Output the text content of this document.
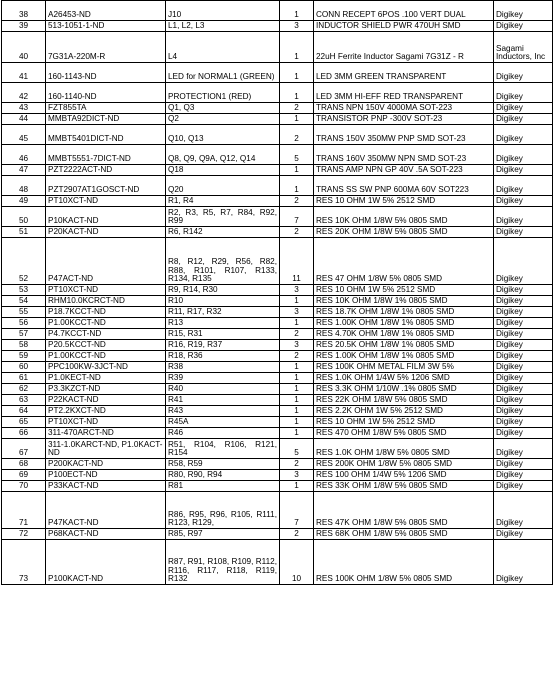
38	A26453-ND	J10	1	CONN RECEPT 6POS .100 VERT DUAL	Digikey
39	513-1051-1-ND	L1, L2, L3	3	INDUCTOR SHIELD PWR 470UH SMD	Digikey
40	7G31A-220M-R	L4	1	22uH Ferrite Inductor Sagami 7G31Z - R	Sagami Inductors, Inc
41	160-1143-ND	LED for NORMAL1 (GREEN)	1	LED 3MM GREEN TRANSPARENT	Digikey
42	160-1140-ND	PROTECTION1 (RED)	1	LED 3MM HI-EFF RED TRANSPARENT	Digikey
43	FZT855TA	Q1, Q3	2	TRANS NPN 150V 4000MA SOT-223	Digikey
44	MMBTA92DICT-ND	Q2	1	TRANSISTOR PNP -300V SOT-23	Digikey
45	MMBT5401DICT-ND	Q10, Q13	2	TRANS 150V 350MW PNP SMD SOT-23	Digikey
46	MMBT5551-7DICT-ND	Q8, Q9, Q9A, Q12, Q14	5	TRANS 160V 350MW NPN SMD SOT-23	Digikey
47	PZT2222ACT-ND	Q18	1	TRANS AMP NPN GP 40V .5A SOT-223	Digikey
48	PZT2907AT1GOSCT-ND	Q20	1	TRANS SS SW PNP 600MA 60V SOT223	Digikey
49	PT10XCT-ND	R1, R4	2	RES 10 OHM 1W 5% 2512 SMD	Digikey
50	P10KACT-ND	R2, R3, R5, R7, R84, R92, R99	7	RES 10K OHM 1/8W 5% 0805 SMD	Digikey
51	P20KACT-ND	R6, R142	2	RES 20K OHM 1/8W 5% 0805 SMD	Digikey
52	P47ACT-ND	R8, R12, R29, R56, R82, R88, R101, R107, R133, R134, R135	11	RES 47 OHM 1/8W 5% 0805 SMD	Digikey
53	PT10XCT-ND	R9, R14, R30	3	RES 10 OHM 1W 5% 2512 SMD	Digikey
54	RHM10.0KCRCT-ND	R10	1	RES 10K OHM 1/8W 1% 0805 SMD	Digikey
55	P18.7KCCT-ND	R11, R17, R32	3	RES 18.7K OHM 1/8W 1% 0805 SMD	Digikey
56	P1.00KCCT-ND	R13	1	RES 1.00K OHM 1/8W 1% 0805 SMD	Digikey
57	P4.7KCCT-ND	R15, R31	2	RES 4.70K OHM 1/8W 1% 0805 SMD	Digikey
58	P20.5KCCT-ND	R16, R19, R37	3	RES 20.5K OHM 1/8W 1% 0805 SMD	Digikey
59	P1.00KCCT-ND	R18, R36	2	RES 1.00K OHM 1/8W 1% 0805 SMD	Digikey
60	PPC100KW-3JCT-ND	R38	1	RES 100K OHM METAL FILM 3W 5%	Digikey
61	P1.0KECT-ND	R39	1	RES 1.0K OHM 1/4W 5% 1206 SMD	Digikey
62	P3.3KZCT-ND	R40	1	RES 3.3K OHM 1/10W .1% 0805 SMD	Digikey
63	P22KACT-ND	R41	1	RES 22K OHM 1/8W 5% 0805 SMD	Digikey
64	PT2.2KXCT-ND	R43	1	RES 2.2K OHM 1W 5% 2512 SMD	Digikey
65	PT10XCT-ND	R45A	1	RES 10 OHM 1W 5% 2512 SMD	Digikey
66	311-470ARCT-ND	R46	1	RES 470 OHM 1/8W 5% 0805 SMD	Digikey
67	311-1.0KARCT-ND, P1.0KACT-ND	R51, R104, R106, R121, R154	5	RES 1.0K OHM 1/8W 5% 0805 SMD	Digikey
68	P200KACT-ND	R58, R59	2	RES 200K OHM 1/8W 5% 0805 SMD	Digikey
69	P100ECT-ND	R80, R90, R94	3	RES 100 OHM 1/4W 5% 1206 SMD	Digikey
70	P33KACT-ND	R81	1	RES 33K OHM 1/8W 5% 0805 SMD	Digikey
71	P47KACT-ND	R86, R95, R96, R105, R111, R123, R129,	7	RES 47K OHM 1/8W 5% 0805 SMD	Digikey
72	P68KACT-ND	R85, R97	2	RES 68K OHM 1/8W 5% 0805 SMD	Digikey
73	P100KACT-ND	R87, R91, R108, R109, R112, R116, R117, R118, R119, R132	10	RES 100K OHM 1/8W 5% 0805 SMD	Digikey
